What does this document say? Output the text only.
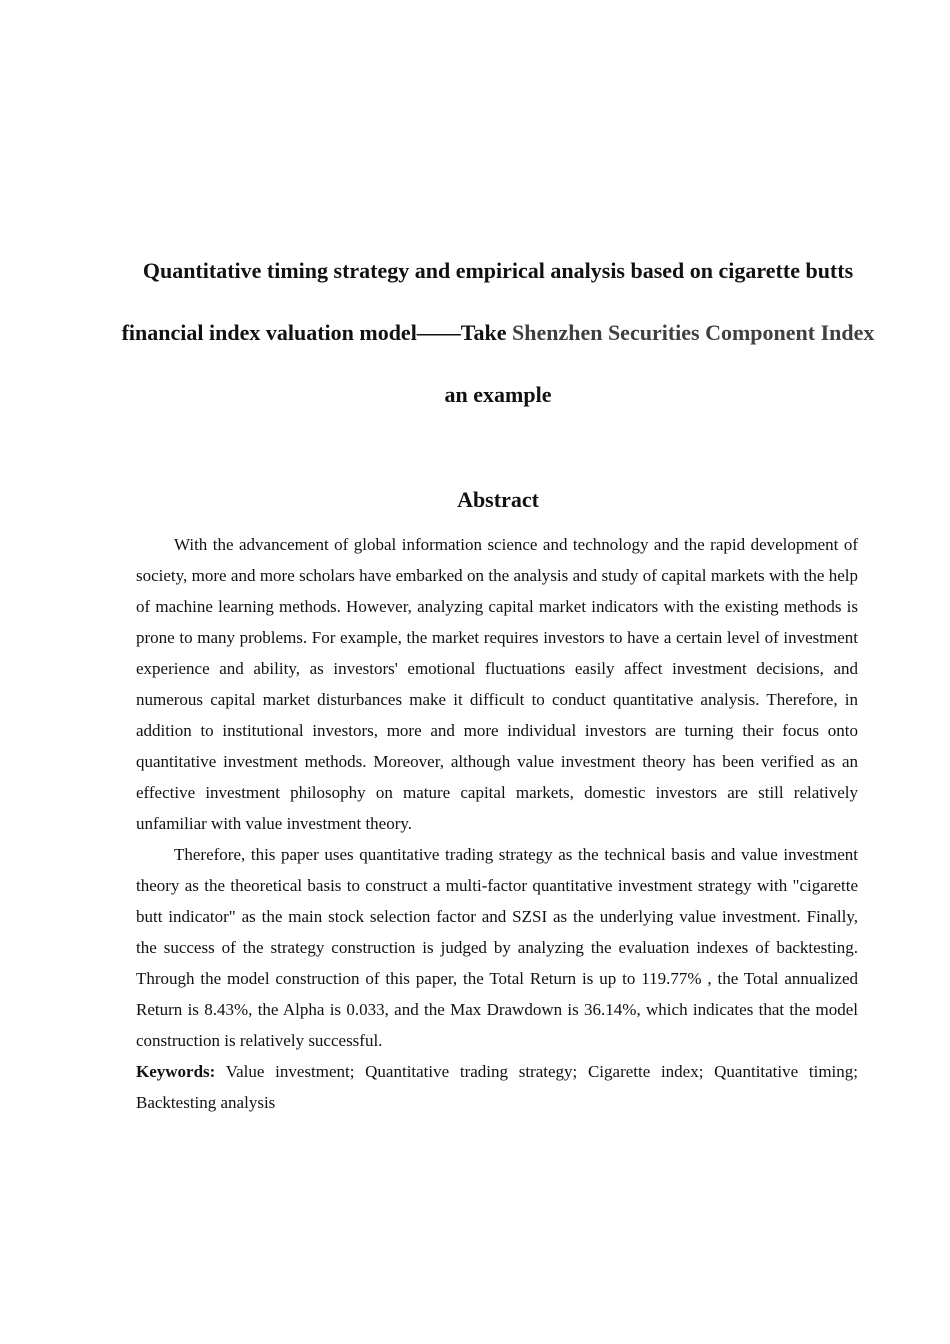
Quantitative timing strategy and empirical analysis based on cigarette butts financial index valuation model——Take Shenzhen Securities Component Index an example
Abstract

With the advancement of global information science and technology and the rapid development of society, more and more scholars have embarked on the analysis and study of capital markets with the help of machine learning methods. However, analyzing capital market indicators with the existing methods is prone to many problems. For example, the market requires investors to have a certain level of investment experience and ability, as investors' emotional fluctuations easily affect investment decisions, and numerous capital market disturbances make it difficult to conduct quantitative analysis. Therefore, in addition to institutional investors, more and more individual investors are turning their focus onto quantitative investment methods. Moreover, although value investment theory has been verified as an effective investment philosophy on mature capital markets, domestic investors are still relatively unfamiliar with value investment theory.

Therefore, this paper uses quantitative trading strategy as the technical basis and value investment theory as the theoretical basis to construct a multi-factor quantitative investment strategy with "cigarette butt indicator" as the main stock selection factor and SZSI as the underlying value investment. Finally, the success of the strategy construction is judged by analyzing the evaluation indexes of backtesting. Through the model construction of this paper, the Total Return is up to 119.77% , the Total annualized Return is 8.43%, the Alpha is 0.033, and the Max Drawdown is 36.14%, which indicates that the model construction is relatively successful.

Keywords: Value investment; Quantitative trading strategy; Cigarette index; Quantitative timing; Backtesting analysis
